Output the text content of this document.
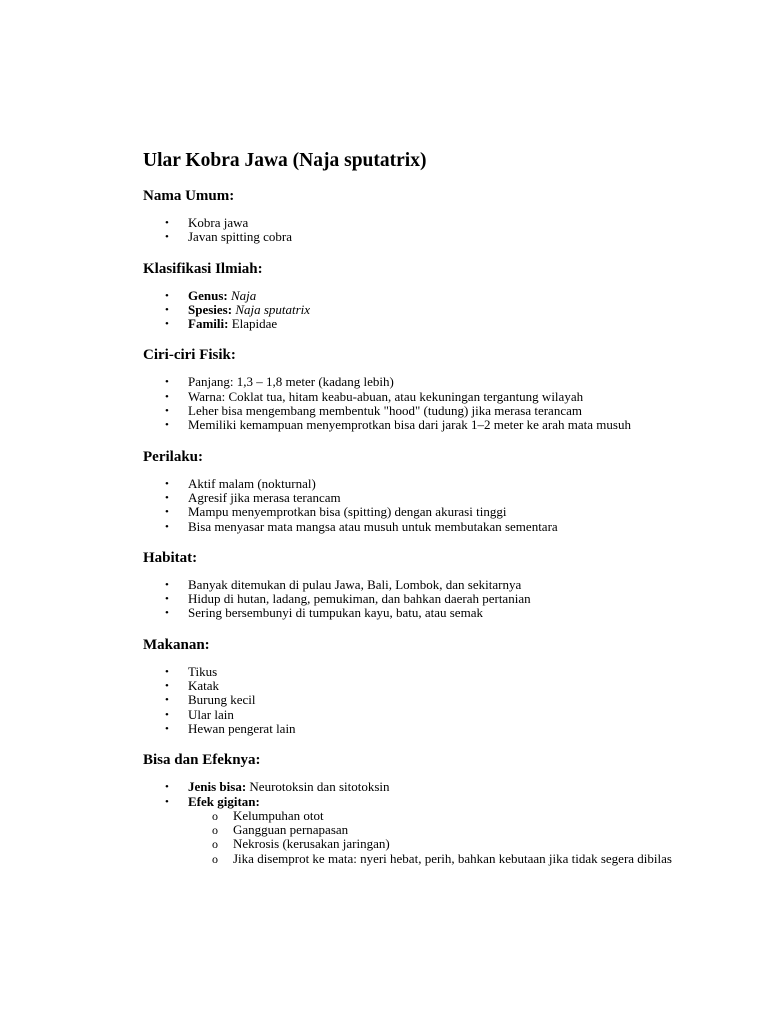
Ular Kobra Jawa (Naja sputatrix)
Nama Umum:
• Kobra jawa
• Javan spitting cobra
Klasifikasi Ilmiah:
• Genus: Naja
• Spesies: Naja sputatrix
• Famili: Elapidae
Ciri-ciri Fisik:
• Panjang: 1,3 – 1,8 meter (kadang lebih)
• Warna: Coklat tua, hitam keabu-abuan, atau kekuningan tergantung wilayah
• Leher bisa mengembang membentuk "hood" (tudung) jika merasa terancam
• Memiliki kemampuan menyemprotkan bisa dari jarak 1–2 meter ke arah mata musuh
Perilaku:
• Aktif malam (nokturnal)
• Agresif jika merasa terancam
• Mampu menyemprotkan bisa (spitting) dengan akurasi tinggi
• Bisa menyasar mata mangsa atau musuh untuk membutakan sementara
Habitat:
• Banyak ditemukan di pulau Jawa, Bali, Lombok, dan sekitarnya
• Hidup di hutan, ladang, pemukiman, dan bahkan daerah pertanian
• Sering bersembunyi di tumpukan kayu, batu, atau semak
Makanan:
• Tikus
• Katak
• Burung kecil
• Ular lain
• Hewan pengerat lain
Bisa dan Efeknya:
• Jenis bisa: Neurotoksin dan sitotoksin
• Efek gigitan:
o Kelumpuhan otot
o Gangguan pernapasan
o Nekrosis (kerusakan jaringan)
o Jika disemprot ke mata: nyeri hebat, perih, bahkan kebutaan jika tidak segera dibilas
